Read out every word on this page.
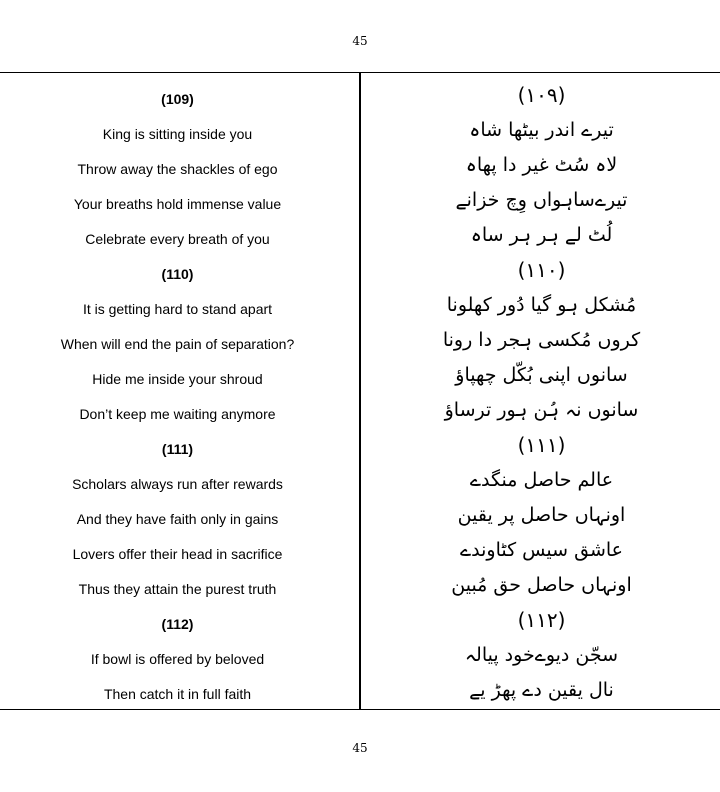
45
(109)
King is sitting inside you
Throw away the shackles of ego
Your breaths hold immense value
Celebrate every breath of you
(110)
It is getting hard to stand apart
When will end the pain of separation?
Hide me inside your shroud
Don’t keep me waiting anymore
(111)
Scholars always run after rewards
And they have faith only in gains
Lovers offer their head in sacrifice
Thus they attain the purest truth
(112)
If bowl is offered by beloved
Then catch it in full faith
(۱۰۹)
تیرے اندر بیٹھا شاہ
لاہ سُٹ غیر دا پھاہ
تیرےساہواں وِچ خزانے
لُٹ لے ہر ہر ساہ
(۱۱۰)
مُشکل ہو گیا دُور کھلونا
کروں مُکسی ہجر دا رونا
سانوں اپنی بُکّل چھپاؤ
سانوں نہ ہُن ہور ترساؤ
(۱۱۱)
عالم حاصل منگدے
اونہاں حاصل پر یقین
عاشق سیس کٹاوندے
اونہاں حاصل حق مُبین
(۱۱۲)
سجّن دیوےخود پیالہ
نال یقین دے پھڑ یے
45
